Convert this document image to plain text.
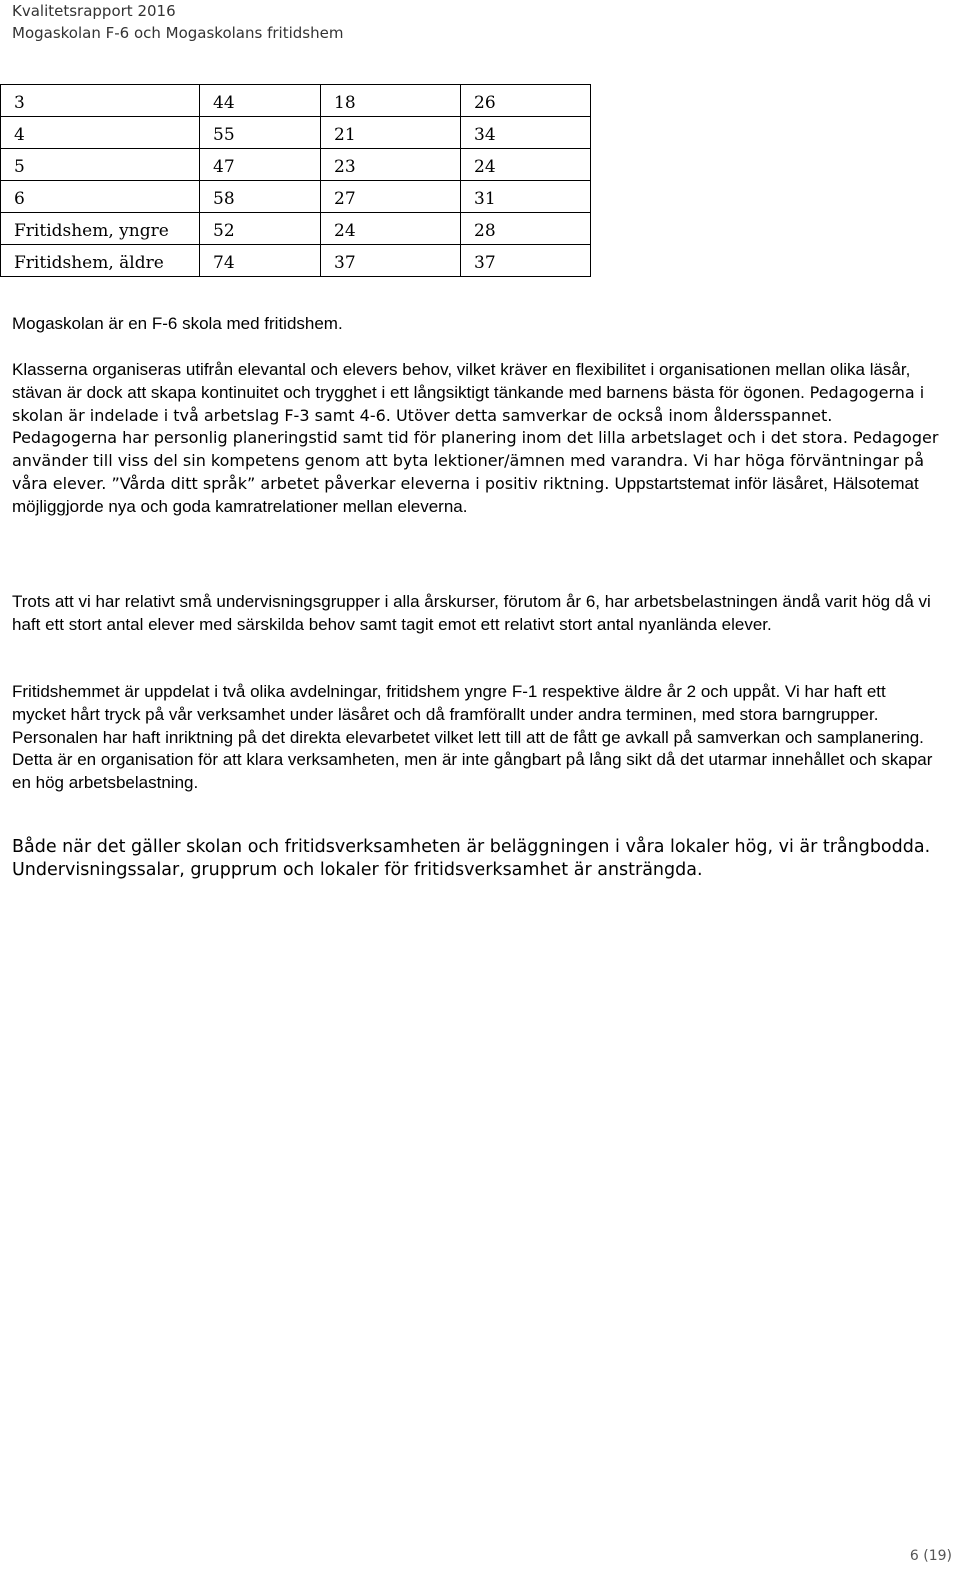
Kvalitetsrapport 2016
Mogaskolan F-6 och Mogaskolans fritidshem
3	44	18	26
4	55	21	34
5	47	23	24
6	58	27	31
Fritidshem, yngre	52	24	28
Fritidshem, äldre	74	37	37

Mogaskolan är en F-6 skola med fritidshem.

Klasserna organiseras utifrån elevantal och elevers behov, vilket kräver en flexibilitet i organisationen mellan olika läsår, stävan är dock att skapa kontinuitet och trygghet i ett långsiktigt tänkande med barnens bästa för ögonen. Pedagogerna i skolan är indelade i två arbetslag F-3 samt 4-6. Utöver detta samverkar de också inom åldersspannet. Pedagogerna har personlig planeringstid samt tid för planering inom det lilla arbetslaget och i det stora. Pedagoger använder till viss del sin kompetens genom att byta lektioner/ämnen med varandra. Vi har höga förväntningar på våra elever. ”Vårda ditt språk” arbetet påverkar eleverna i positiv riktning. Uppstartstemat inför läsåret, Hälsotemat möjliggjorde nya och goda kamratrelationer mellan eleverna.

Trots att vi har relativt små undervisningsgrupper i alla årskurser, förutom år 6, har arbetsbelastningen ändå varit hög då vi haft ett stort antal elever med särskilda behov samt tagit emot ett relativt stort antal nyanlända elever.

Fritidshemmet är uppdelat i två olika avdelningar, fritidshem yngre F-1 respektive äldre år 2 och uppåt. Vi har haft ett mycket hårt tryck på vår verksamhet under läsåret och då framförallt under andra terminen, med stora barngrupper. Personalen har haft inriktning på det direkta elevarbetet vilket lett till att de fått ge avkall på samverkan och samplanering. Detta är en organisation för att klara verksamheten, men är inte gångbart på lång sikt då det utarmar innehållet och skapar en hög arbetsbelastning.

Både när det gäller skolan och fritidsverksamheten är beläggningen i våra lokaler hög, vi är trångbodda. Undervisningssalar, grupprum och lokaler för fritidsverksamhet är ansträngda.

6 (19)
